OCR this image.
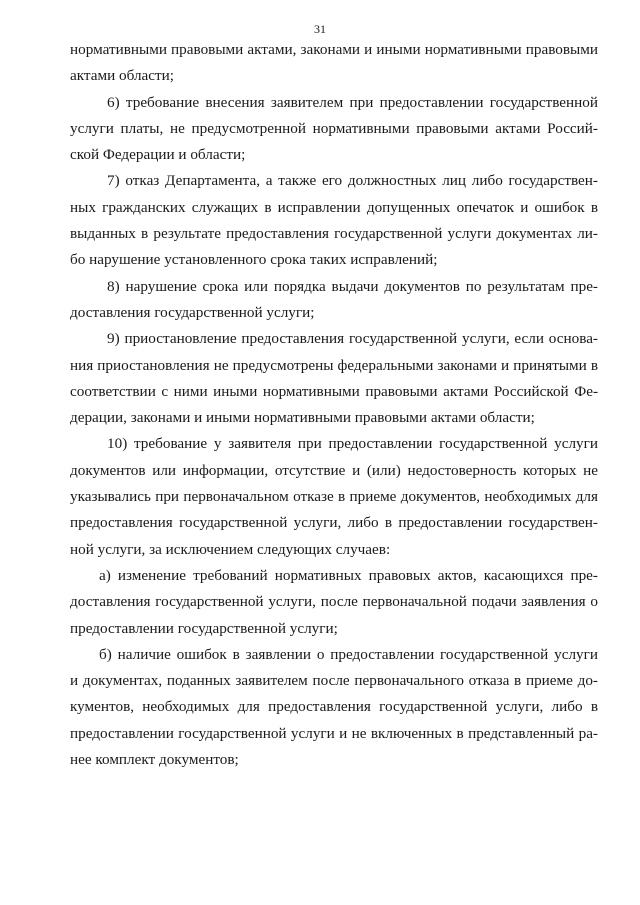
31

нормативными правовыми актами, законами и иными нормативными правовыми
актами области;

6) требование внесения заявителем при предоставлении государственной
услуги платы, не предусмотренной нормативными правовыми актами Россий-
ской Федерации и области;

7) отказ Департамента, а также его должностных лиц либо государствен-
ных гражданских служащих в исправлении допущенных опечаток и ошибок в
выданных в результате предоставления государственной услуги документах ли-
бо нарушение установленного срока таких исправлений;

8) нарушение срока или порядка выдачи документов по результатам пре-
доставления государственной услуги;

9) приостановление предоставления государственной услуги, если основа-
ния приостановления не предусмотрены федеральными законами и принятыми в
соответствии с ними иными нормативными правовыми актами Российской Фе-
дерации, законами и иными нормативными правовыми актами области;

10) требование у заявителя при предоставлении государственной услуги
документов или информации, отсутствие и (или) недостоверность которых не
указывались при первоначальном отказе в приеме документов, необходимых для
предоставления государственной услуги, либо в предоставлении государствен-
ной услуги, за исключением следующих случаев:

а) изменение требований нормативных правовых актов, касающихся пре-
доставления государственной услуги, после первоначальной подачи заявления о
предоставлении государственной услуги;

б) наличие ошибок в заявлении о предоставлении государственной услуги
и документах, поданных заявителем после первоначального отказа в приеме до-
кументов, необходимых для предоставления государственной услуги, либо в
предоставлении государственной услуги и не включенных в представленный ра-
нее комплект документов;
